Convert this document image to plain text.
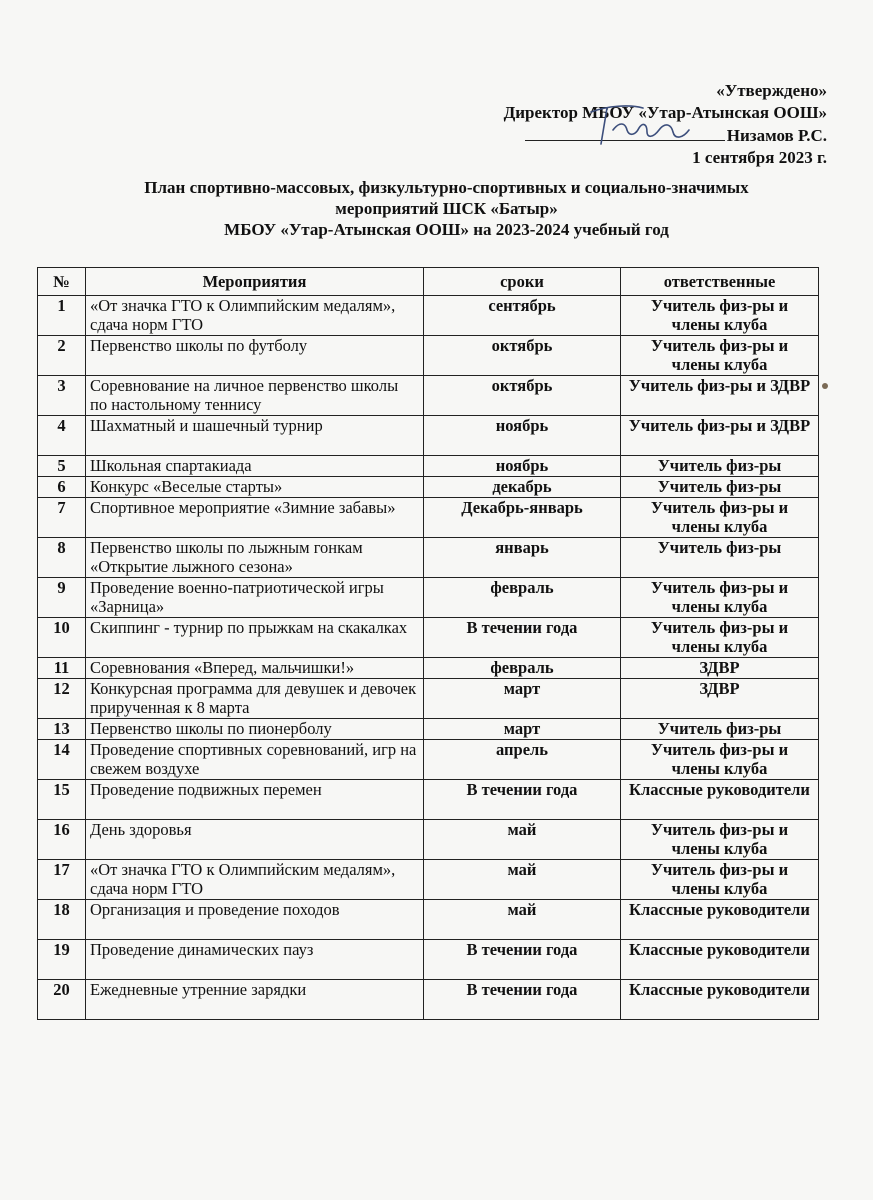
«Утверждено»
Директор МБОУ «Утар-Атынская ООШ»
Низамов Р.С.
1 сентября 2023 г.
План спортивно-массовых, физкультурно-спортивных и социально-значимых
мероприятий ШСК «Батыр»
МБОУ «Утар-Атынская ООШ» на 2023-2024 учебный год
№	Мероприятия	сроки	ответственные
1	«От значка ГТО к Олимпийским медалям», сдача норм ГТО	сентябрь	Учитель физ-ры и члены клуба
2	Первенство школы по футболу	октябрь	Учитель физ-ры и члены клуба
3	Соревнование на личное первенство школы по настольному теннису	октябрь	Учитель физ-ры и ЗДВР
4	Шахматный и шашечный турнир	ноябрь	Учитель физ-ры и ЗДВР
5	Школьная спартакиада	ноябрь	Учитель физ-ры
6	Конкурс «Веселые старты»	декабрь	Учитель физ-ры
7	Спортивное мероприятие «Зимние забавы»	Декабрь-январь	Учитель физ-ры и члены клуба
8	Первенство школы по лыжным гонкам «Открытие лыжного сезона»	январь	Учитель физ-ры
9	Проведение военно-патриотической игры «Зарница»	февраль	Учитель физ-ры и члены клуба
10	Скиппинг - турнир по прыжкам на скакалках	В течении года	Учитель физ-ры и члены клуба
11	Соревнования «Вперед, мальчишки!»	февраль	ЗДВР
12	Конкурсная программа для девушек и девочек прирученная к 8 марта	март	ЗДВР
13	Первенство школы по пионерболу	март	Учитель физ-ры
14	Проведение спортивных соревнований, игр на свежем воздухе	апрель	Учитель физ-ры и члены клуба
15	Проведение подвижных перемен	В течении года	Классные руководители
16	День здоровья	май	Учитель физ-ры и члены клуба
17	«От значка ГТО к Олимпийским медалям», сдача норм ГТО	май	Учитель физ-ры и члены клуба
18	Организация и проведение походов	май	Классные руководители
19	Проведение динамических пауз	В течении года	Классные руководители
20	Ежедневные утренние зарядки	В течении года	Классные руководители
